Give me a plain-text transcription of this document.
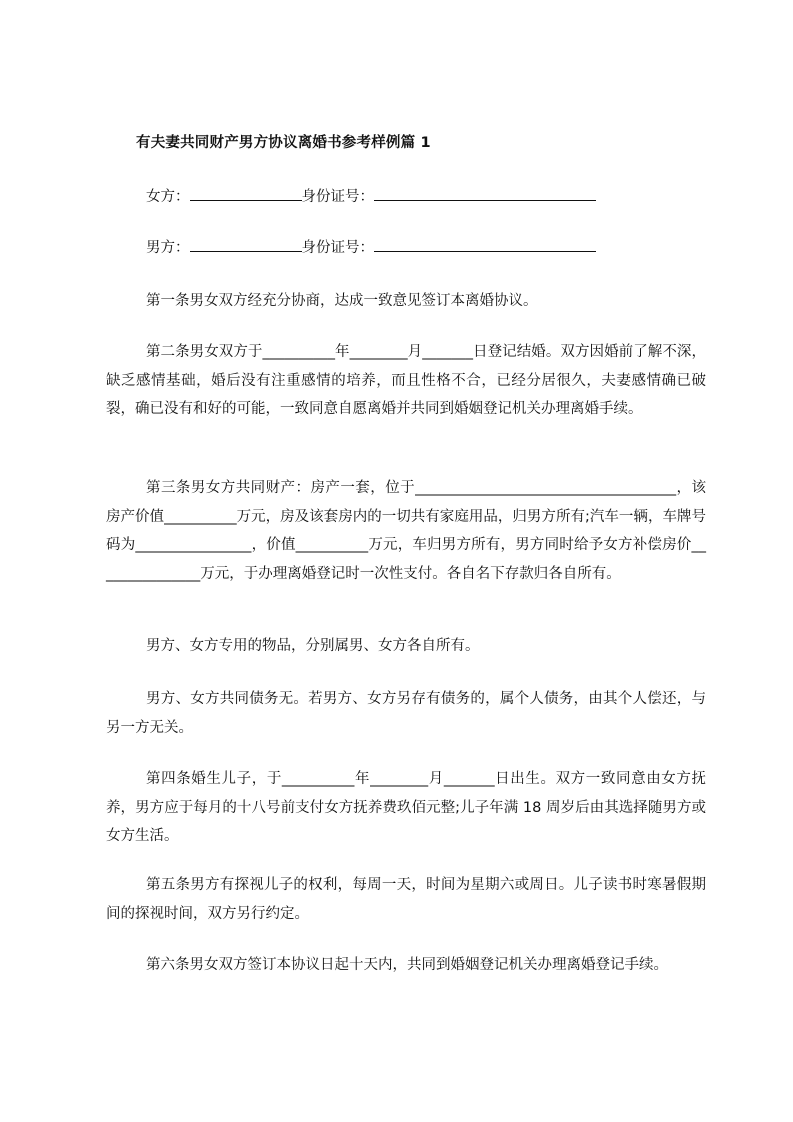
有夫妻共同财产男方协议离婚书参考样例篇 1
女方：	身份证号：
男方：	身份证号：
第一条男女双方经充分协商，达成一致意见签订本离婚协议。
第二条男女双方于__________年________月_______日登记结婚。双方因婚前了解不深，缺乏感情基础，婚后没有注重感情的培养，而且性格不合，已经分居很久，夫妻感情确已破裂，确已没有和好的可能，一致同意自愿离婚并共同到婚姻登记机关办理离婚手续。
第三条男女方共同财产：房产一套，位于____________________________________，该房产价值__________万元，房及该套房内的一切共有家庭用品，归男方所有;汽车一辆，车牌号码为________________，价值__________万元，车归男方所有，男方同时给予女方补偿房价_______________万元，于办理离婚登记时一次性支付。各自名下存款归各自所有。
男方、女方专用的物品，分别属男、女方各自所有。
男方、女方共同债务无。若男方、女方另存有债务的，属个人债务，由其个人偿还，与另一方无关。
第四条婚生儿子，于__________年________月_______日出生。双方一致同意由女方抚养，男方应于每月的十八号前支付女方抚养费玖佰元整;儿子年满 18 周岁后由其选择随男方或女方生活。
第五条男方有探视儿子的权利，每周一天，时间为星期六或周日。儿子读书时寒暑假期间的探视时间，双方另行约定。
第六条男女双方签订本协议日起十天内，共同到婚姻登记机关办理离婚登记手续。
